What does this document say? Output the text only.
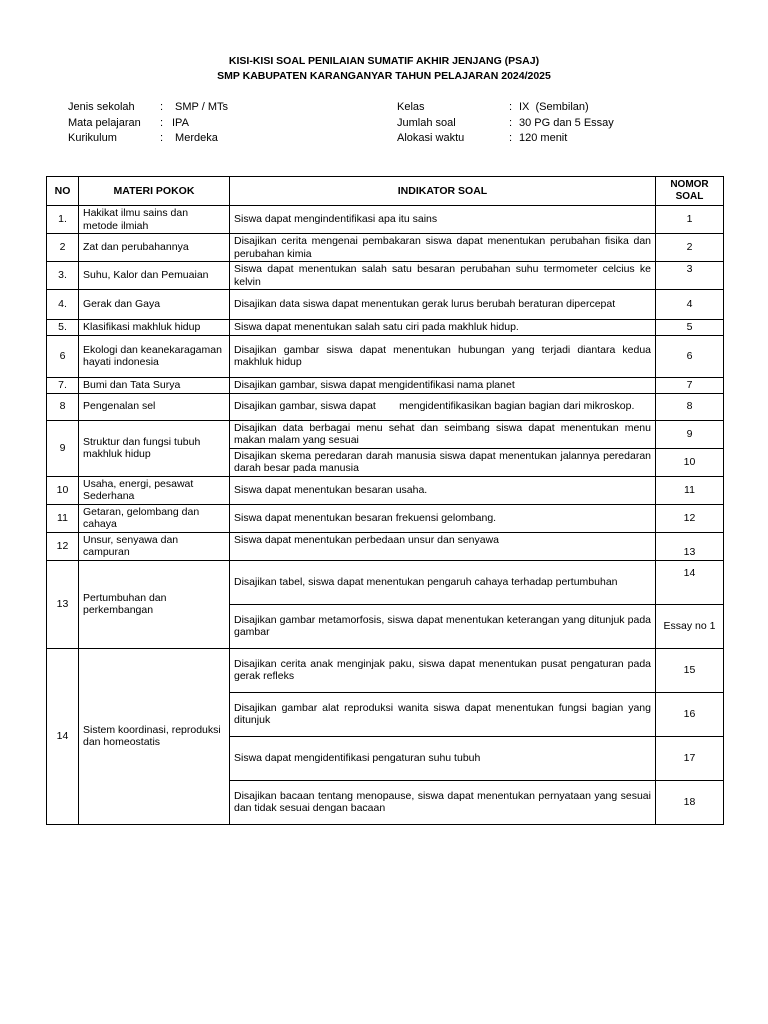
KISI-KISI SOAL PENILAIAN SUMATIF AKHIR JENJANG (PSAJ)
SMP KABUPATEN KARANGANYAR TAHUN PELAJARAN 2024/2025
Jenis sekolah : SMP / MTs
Mata pelajaran : IPA
Kurikulum	: Merdeka
Kelas	: IX  (Sembilan)
Jumlah soal	: 30 PG dan 5 Essay
Alokasi waktu	: 120 menit
NO	MATERI POKOK	INDIKATOR SOAL	NOMOR SOAL
1.	Hakikat ilmu sains dan metode ilmiah	Siswa dapat mengindentifikasi apa itu sains	1
2	Zat dan perubahannya	Disajikan cerita mengenai pembakaran siswa dapat menentukan perubahan fisika dan perubahan kimia	2
3.	Suhu, Kalor dan Pemuaian	Siswa dapat menentukan salah satu besaran perubahan suhu termometer celcius ke kelvin	3
4.	Gerak dan Gaya	Disajikan data siswa dapat menentukan gerak lurus berubah beraturan dipercepat	4
5.	Klasifikasi makhluk hidup	Siswa dapat menentukan salah satu ciri pada makhluk hidup.	5
6	Ekologi dan keanekaragaman hayati indonesia	Disajikan gambar siswa dapat menentukan hubungan yang terjadi diantara kedua makhluk hidup	6
7.	Bumi dan Tata Surya	Disajikan gambar, siswa dapat mengidentifikasi nama planet	7
8	Pengenalan sel	Disajikan gambar, siswa dapat        mengidentifikasikan bagian bagian dari mikroskop.	8
9	Struktur dan fungsi tubuh makhluk hidup	Disajikan data berbagai menu sehat dan seimbang siswa dapat menentukan menu makan malam yang sesuai	9
		Disajikan skema peredaran darah manusia siswa dapat menentukan jalannya peredaran darah besar pada manusia	10
10	Usaha, energi, pesawat Sederhana	Siswa dapat menentukan besaran usaha.	11
11	Getaran, gelombang dan cahaya	Siswa dapat menentukan besaran frekuensi gelombang.	12
12	Unsur, senyawa dan campuran	Siswa dapat menentukan perbedaan unsur dan senyawa	13
13	Pertumbuhan dan perkembangan	Disajikan tabel, siswa dapat menentukan pengaruh cahaya terhadap pertumbuhan	14
		Disajikan gambar metamorfosis, siswa dapat menentukan keterangan yang ditunjuk pada gambar	Essay no 1
14	Sistem koordinasi, reproduksi dan homeostatis	Disajikan cerita anak menginjak paku, siswa dapat menentukan pusat pengaturan pada gerak refleks	15
		Disajikan gambar alat reproduksi wanita siswa dapat menentukan fungsi bagian yang ditunjuk	16
		Siswa dapat mengidentifikasi pengaturan suhu tubuh	17
		Disajikan bacaan tentang menopause, siswa dapat menentukan pernyataan yang sesuai dan tidak sesuai dengan bacaan	18
